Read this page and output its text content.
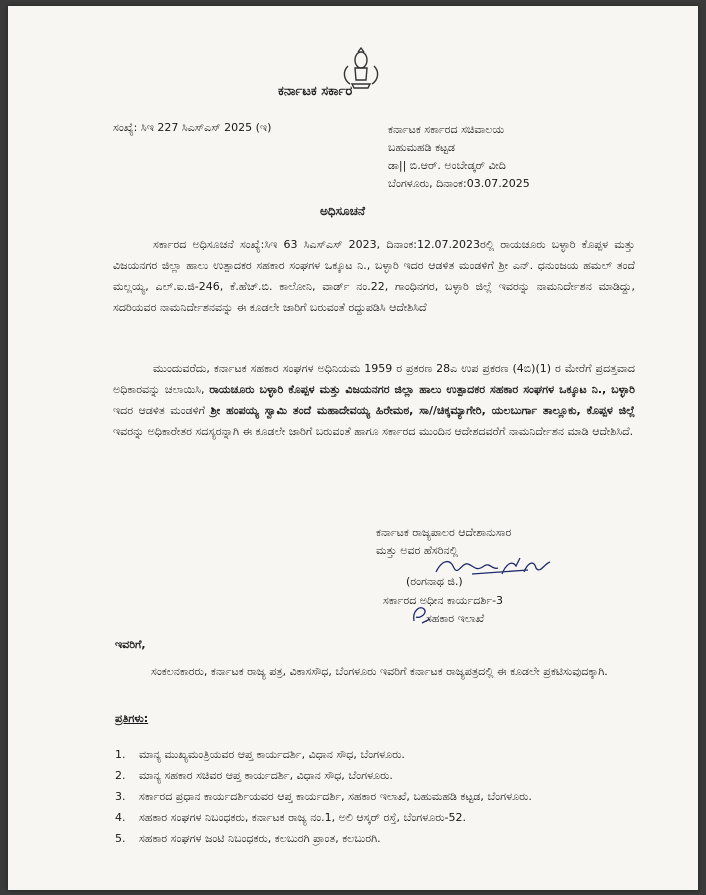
ಕರ್ನಾಟಕ ಸರ್ಕಾರ
ಸಂಖ್ಯೆ: ಸಿಇ 227 ಸಿಎಸ್ಎಸ್ 2025 (ಇ)	ಕರ್ನಾಟಕ ಸರ್ಕಾರದ ಸಚಿವಾಲಯ
ಬಹುಮಹಡಿ ಕಟ್ಟಡ
ಡಾ|| ಬಿ.ಆರ್. ಅಂಬೇಡ್ಕರ್ ವೀದಿ
ಬೆಂಗಳೂರು, ದಿನಾಂಕ:03.07.2025
ಅಧಿಸೂಚನೆ
ಸರ್ಕಾರದ ಅಧಿಸೂಚನೆ ಸಂಖ್ಯೆ:ಸಿಇ 63 ಸಿಎಸ್ಎಸ್ 2023, ದಿನಾಂಕ:12.07.2023ರಲ್ಲಿ ರಾಯಚೂರು ಬಳ್ಳಾರಿ ಕೊಪ್ಪಳ ಮತ್ತು ವಿಜಯನಗರ ಜಿಲ್ಲಾ ಹಾಲು ಉತ್ಪಾದಕರ ಸಹಕಾರ ಸಂಘಗಳ ಒಕ್ಕೂಟ ನಿ., ಬಳ್ಳಾರಿ ಇದರ ಆಡಳಿತ ಮಂಡಳಿಗೆ ಶ್ರೀ ಎನ್. ಧನುಂಜಯ ಹಮಲ್ ತಂದೆ ಮಲ್ಲಯ್ಯ, ಎಲ್.ಐ.ಜಿ-246, ಕೆ.ಹೆಚ್.ಬಿ. ಕಾಲೋನಿ, ವಾರ್ಡ್ ನಂ.22, ಗಾಂಧಿನಗರ, ಬಳ್ಳಾರಿ ಜಿಲ್ಲೆ ಇವರನ್ನು ನಾಮನಿರ್ದೇಶನ ಮಾಡಿದ್ದು, ಸದರಿಯವರ ನಾಮನಿರ್ದೇಶನವನ್ನು ಈ ಕೂಡಲೇ ಜಾರಿಗೆ ಬರುವಂತೆ ರದ್ದುಪಡಿಸಿ ಆದೇಶಿಸಿದೆ
ಮುಂದುವರೆದು, ಕರ್ನಾಟಕ ಸಹಕಾರ ಸಂಘಗಳ ಅಧಿನಿಯಮ 1959 ರ ಪ್ರಕರಣ 28ಎ ಉಪ ಪ್ರಕರಣ (4ಬಿ)(1) ರ ಮೇರೆಗೆ ಪ್ರದತ್ತವಾದ ಅಧಿಕಾರವನ್ನು ಚಲಾಯಿಸಿ, ರಾಯಚೂರು ಬಳ್ಳಾರಿ ಕೊಪ್ಪಳ ಮತ್ತು ವಿಜಯನಗರ ಜಿಲ್ಲಾ ಹಾಲು ಉತ್ಪಾದಕರ ಸಹಕಾರ ಸಂಘಗಳ ಒಕ್ಕೂಟ ನಿ., ಬಳ್ಳಾರಿ ಇದರ ಆಡಳಿತ ಮಂಡಳಿಗೆ ಶ್ರೀ ಹಂಪಯ್ಯ ಸ್ವಾಮಿ ತಂದೆ ಮಹಾದೇವಯ್ಯ ಹಿರೇಮಠ, ಸಾ//ಚಿಕ್ಕಮ್ಯಾಗೇರಿ, ಯಲಬುರ್ಗಾ ತಾಲ್ಲೂಕು, ಕೊಪ್ಪಳ ಜಿಲ್ಲೆ ಇವರನ್ನು ಅಧಿಕಾರೇತರ ಸದಸ್ಯರನ್ನಾಗಿ ಈ ಕೂಡಲೇ ಜಾರಿಗೆ ಬರುವಂತೆ ಹಾಗೂ ಸರ್ಕಾರದ ಮುಂದಿನ ಆದೇಶದವರೆಗೆ ನಾಮನಿರ್ದೇಶನ ಮಾಡಿ ಆದೇಶಿಸಿದೆ.
ಕರ್ನಾಟಕ ರಾಜ್ಯಪಾಲರ ಆದೇಶಾನುಸಾರ
ಮತ್ತು ಅವರ ಹೆಸರಿನಲ್ಲಿ
(ರಂಗನಾಥ ಜಿ.)
ಸರ್ಕಾರದ ಅಧೀನ ಕಾರ್ಯದರ್ಶಿ-3
ಸಹಕಾರ ಇಲಾಖೆ
ಇವರಿಗೆ,
ಸಂಕಲನಕಾರರು, ಕರ್ನಾಟಕ ರಾಜ್ಯ ಪತ್ರ, ವಿಕಾಸಸೌಧ, ಬೆಂಗಳೂರು ಇವರಿಗೆ ಕರ್ನಾಟಕ ರಾಜ್ಯಪತ್ರದಲ್ಲಿ ಈ ಕೂಡಲೇ ಪ್ರಕಟಿಸುವುದಕ್ಕಾಗಿ.
ಪ್ರತಿಗಳು:
1. ಮಾನ್ಯ ಮುಖ್ಯಮಂತ್ರಿಯವರ ಆಪ್ತ ಕಾರ್ಯದರ್ಶಿ, ವಿಧಾನ ಸೌಧ, ಬೆಂಗಳೂರು.
2. ಮಾನ್ಯ ಸಹಕಾರ ಸಚಿವರ ಆಪ್ತ ಕಾರ್ಯದರ್ಶಿ, ವಿಧಾನ ಸೌಧ, ಬೆಂಗಳೂರು.
3. ಸರ್ಕಾರದ ಪ್ರಧಾನ ಕಾರ್ಯದರ್ಶಿಯವರ ಆಪ್ತ ಕಾರ್ಯದರ್ಶಿ, ಸಹಕಾರ ಇಲಾಖೆ, ಬಹುಮಹಡಿ ಕಟ್ಟಡ, ಬೆಂಗಳೂರು.
4. ಸಹಕಾರ ಸಂಘಗಳ ನಿಬಂಧಕರು, ಕರ್ನಾಟಕ ರಾಜ್ಯ ನಂ.1, ಅಲಿ ಆಸ್ಕರ್ ರಸ್ತೆ, ಬೆಂಗಳೂರು-52.
5. ಸಹಕಾರ ಸಂಘಗಳ ಜಂಟಿ ನಿಬಂಧಕರು, ಕಲಬುರಗಿ ಪ್ರಾಂತ, ಕಲಬುರಗಿ.
